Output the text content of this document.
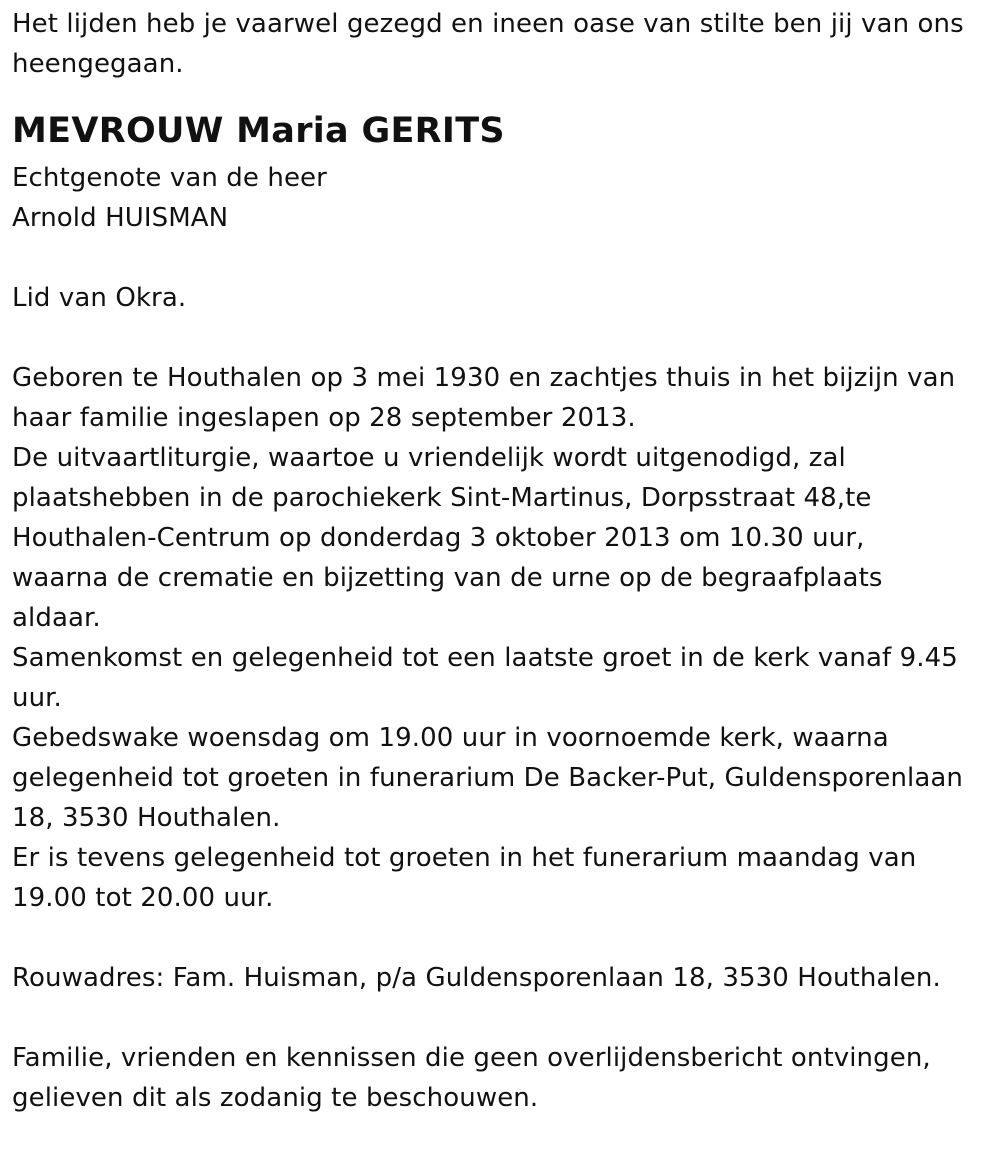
Het lijden heb je vaarwel gezegd en ineen oase van stilte ben jij van ons
heengegaan.
MEVROUW Maria GERITS
Echtgenote van de heer
Arnold HUISMAN
Lid van Okra.
Geboren te Houthalen op 3 mei 1930 en zachtjes thuis in het bijzijn van
haar familie ingeslapen op 28 september 2013.
De uitvaartliturgie, waartoe u vriendelijk wordt uitgenodigd, zal
plaatshebben in de parochiekerk Sint-Martinus, Dorpsstraat 48,te
Houthalen-Centrum op donderdag 3 oktober 2013 om 10.30 uur,
waarna de crematie en bijzetting van de urne op de begraafplaats
aldaar.
Samenkomst en gelegenheid tot een laatste groet in de kerk vanaf 9.45
uur.
Gebedswake woensdag om 19.00 uur in voornoemde kerk, waarna
gelegenheid tot groeten in funerarium De Backer-Put, Guldensporenlaan
18, 3530 Houthalen.
Er is tevens gelegenheid tot groeten in het funerarium maandag van
19.00 tot 20.00 uur.
Rouwadres: Fam. Huisman, p/a Guldensporenlaan 18, 3530 Houthalen.
Familie, vrienden en kennissen die geen overlijdensbericht ontvingen,
gelieven dit als zodanig te beschouwen.
